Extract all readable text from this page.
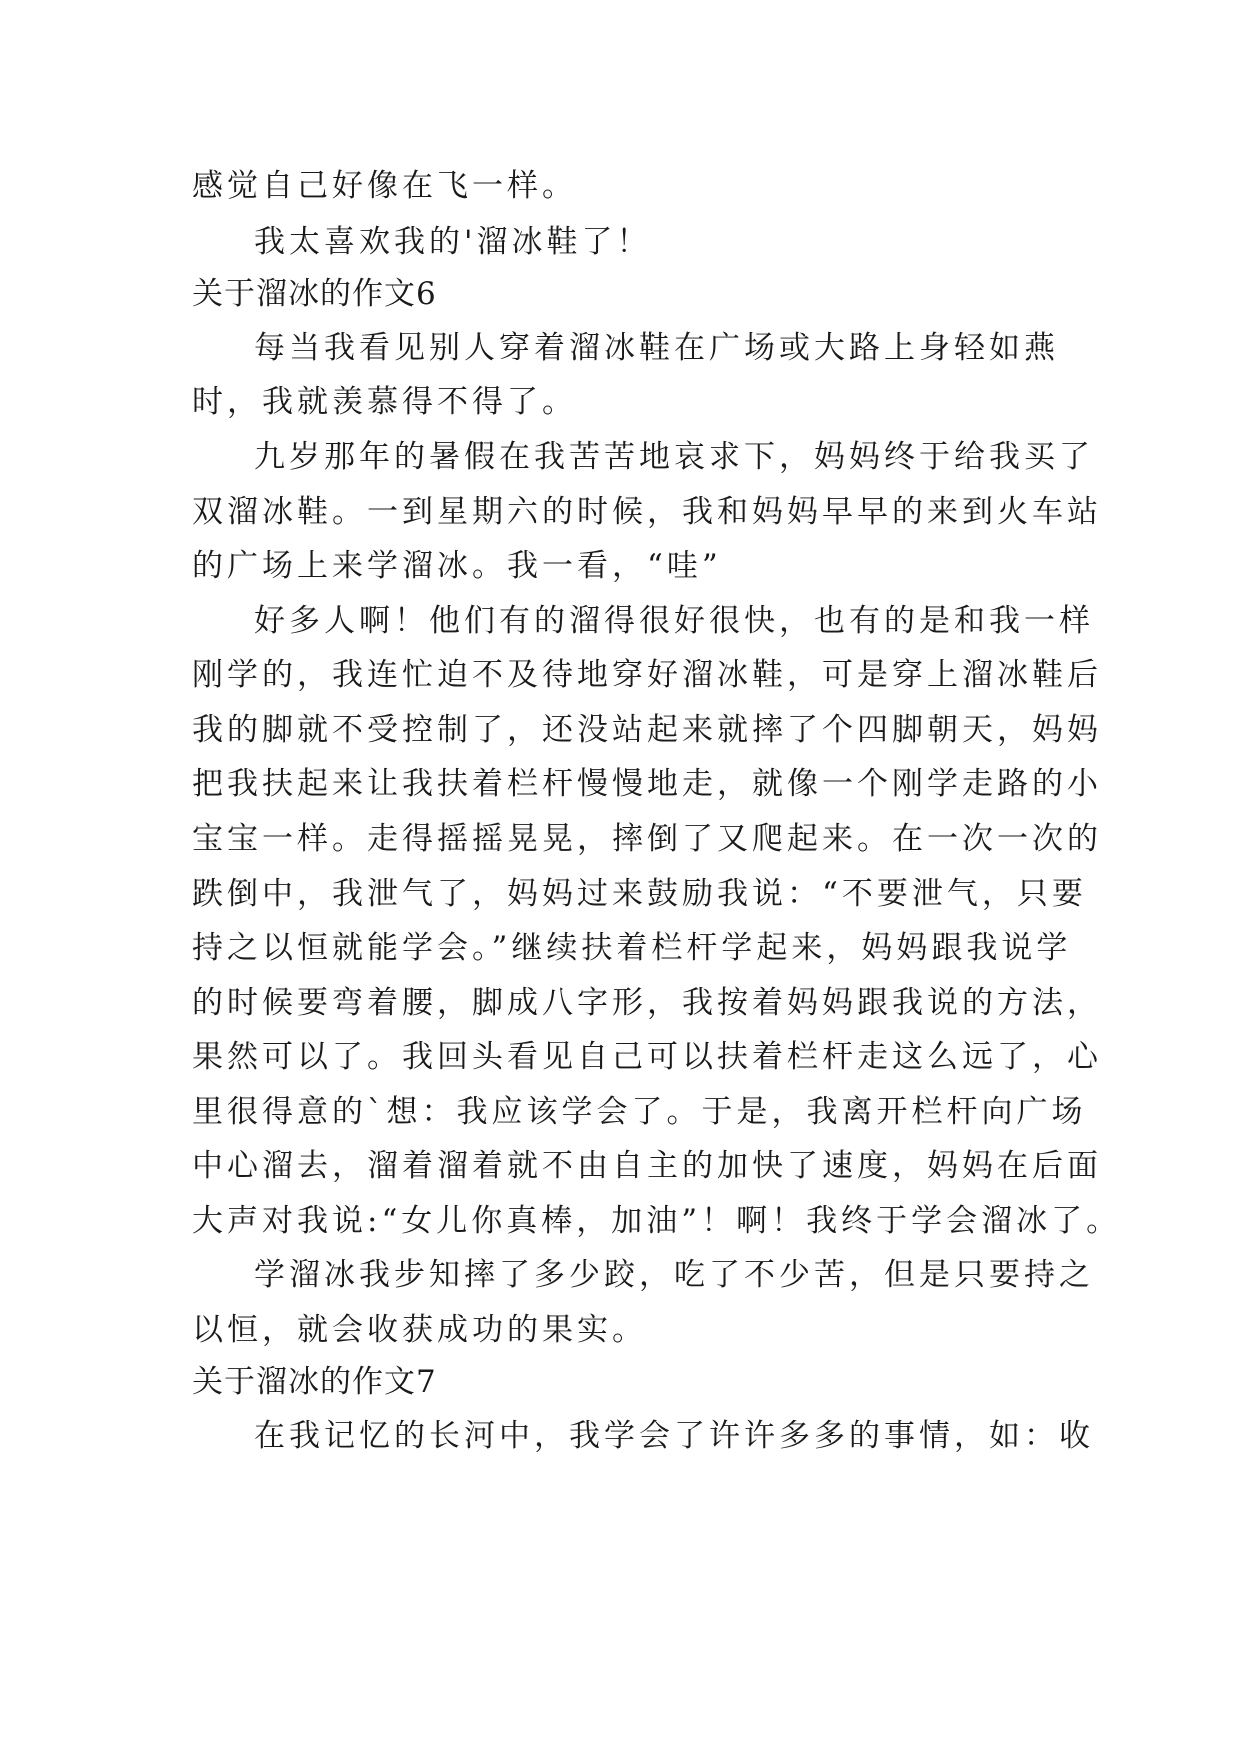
感觉自己好像在飞一样。
我太喜欢我的'溜冰鞋了！
关于溜冰的作文6
每当我看见别人穿着溜冰鞋在广场或大路上身轻如燕
时，我就羡慕得不得了。
九岁那年的暑假在我苦苦地哀求下，妈妈终于给我买了
双溜冰鞋。一到星期六的时候，我和妈妈早早的来到火车站
的广场上来学溜冰。我一看，“哇”
好多人啊！他们有的溜得很好很快，也有的是和我一样
刚学的，我连忙迫不及待地穿好溜冰鞋，可是穿上溜冰鞋后
我的脚就不受控制了，还没站起来就摔了个四脚朝天，妈妈
把我扶起来让我扶着栏杆慢慢地走，就像一个刚学走路的小
宝宝一样。走得摇摇晃晃，摔倒了又爬起来。在一次一次的
跌倒中，我泄气了，妈妈过来鼓励我说：“不要泄气，只要
持之以恒就能学会。”继续扶着栏杆学起来，妈妈跟我说学
的时候要弯着腰，脚成八字形，我按着妈妈跟我说的方法，
果然可以了。我回头看见自己可以扶着栏杆走这么远了，心
里很得意的`想：我应该学会了。于是，我离开栏杆向广场
中心溜去，溜着溜着就不由自主的加快了速度，妈妈在后面
大声对我说:“女儿你真棒，加油”！啊！我终于学会溜冰了。
学溜冰我步知摔了多少跤，吃了不少苦，但是只要持之
以恒，就会收获成功的果实。
关于溜冰的作文7
在我记忆的长河中，我学会了许许多多的事情，如：收
